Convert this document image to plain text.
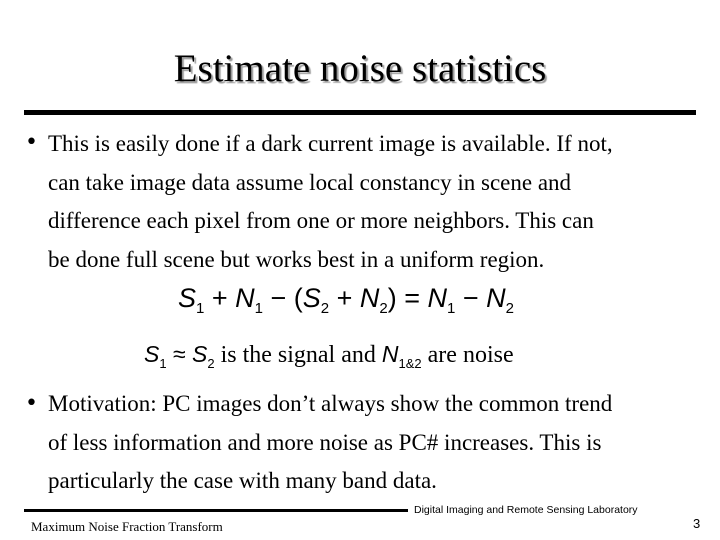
Estimate noise statistics
• This is easily done if a dark current image is available. If not,
can take image data assume local constancy in scene and
difference each pixel from one or more neighbors. This can
be done full scene but works best in a uniform region.
$S_1 + N_1 - (S_2 + N_2) = N_1 - N_2$
$S_1 \approx S_2$ is the signal and $N_{1\&2}$ are noise
• Motivation: PC images don’t always show the common trend
of less information and more noise as PC# increases. This is
particularly the case with many band data.
Maximum Noise Fraction Transform
Digital Imaging and Remote Sensing Laboratory
3
